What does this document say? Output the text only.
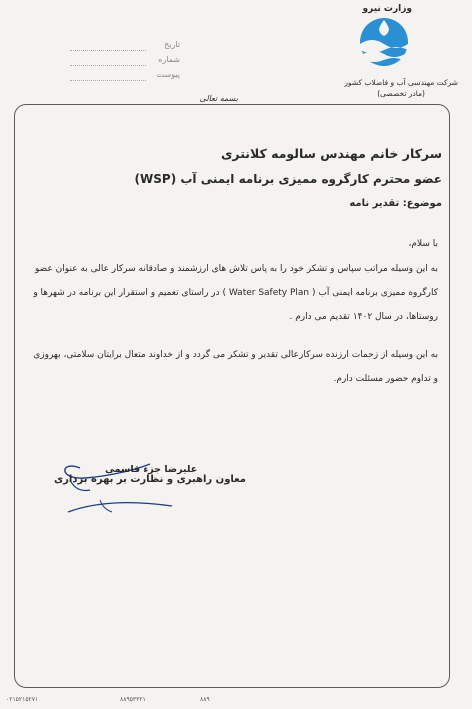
وزارت نیرو
شرکت مهندسی آب و فاضلاب کشور
(مادر تخصصی)
تاریخ
شماره
پیوست
بسمه تعالی
سرکار خانم مهندس سالومه کلانتری
عضو محترم کارگروه ممیزی برنامه ایمنی آب (WSP)
موضوع: تقدیر نامه
با سلام،
به این وسیله مراتب سپاس و تشکر خود را به پاس تلاش های ارزشمند و صادقانه سرکار عالی به عنوان عضو کارگروه ممیزی برنامه ایمنی آب ( Water Safety Plan ) در راستای تعمیم و استقرار این برنامه در شهرها و روستاها، در سال ۱۴۰۲ تقدیم می دارم .
به این وسیله از زحمات ارزنده سرکارعالی تقدیر و تشکر می گردد و از خداوند متعال برایتان سلامتی، بهروزی و تداوم حضور مسئلت دارم.
علیرضا جزء قاسمی
معاون راهبری و نظارت بر بهره برداری
۰۲۱۵۲۱۵۲۷۱	۸۸۹۵۳۳۲۱	۸۸۹
